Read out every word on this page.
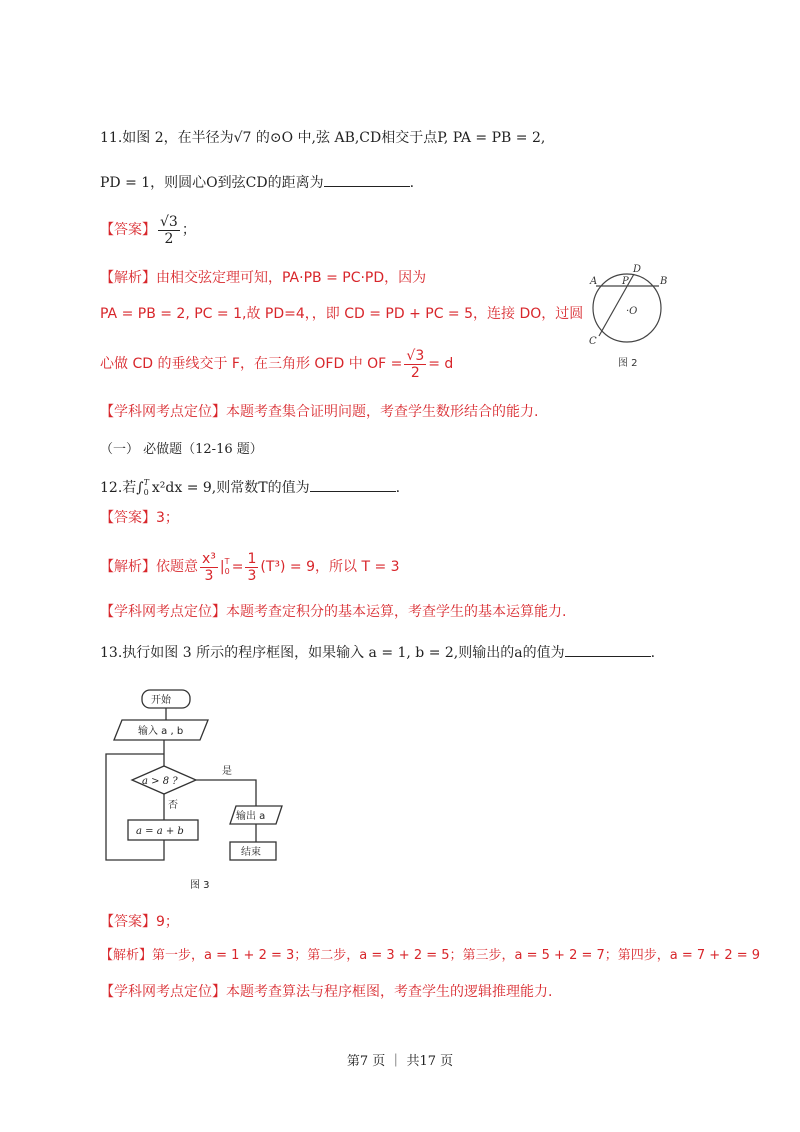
11.如图 2，在半径为√7 的⊙O 中,弦 AB,CD相交于点P, PA = PB = 2,
PD = 1，则圆心O到弦CD的距离为	.
【答案】 $\frac{√3}{2}$ ；
【解析】由相交弦定理可知，PA·PB = PC·PD，因为
PA = PB = 2, PC = 1,故 PD=4，，即 CD = PD + PC = 5，连接 DO，过圆
心做 CD 的垂线交于 F，在三角形 OFD 中 OF = $\frac{√3}{2} = d$
【学科网考点定位】本题考查集合证明问题，考查学生数形结合的能力.
A P
D
B
·O
C
图 2
（一） 必做题（12-16 题）
12.若∫ T
0 x²dx = 9,则常数T的值为	.
【答案】3；
【解析】依题意 $\frac{\text{x³}}{3}$ | T
$0 = \frac{1}{3} (T^3) = 9$，所以 T = 3
【学科网考点定位】本题考查定积分的基本运算，考查学生的基本运算能力.
13.执行如图 3 所示的程序框图，如果输入 a = 1, b = 2,则输出的a的值为	.
开始
输入 a , b
a > 8 ?
是
否
a = a + b
输出 a
结束
图 3
【答案】9；
【解析】第一步，a = 1 + 2 = 3；第二步，a = 3 + 2 = 5；第三步，a = 5 + 2 = 7；第四步，a = 7 + 2 = 9
【学科网考点定位】本题考查算法与程序框图，考查学生的逻辑推理能力.
第7 页 ｜ 共17 页
